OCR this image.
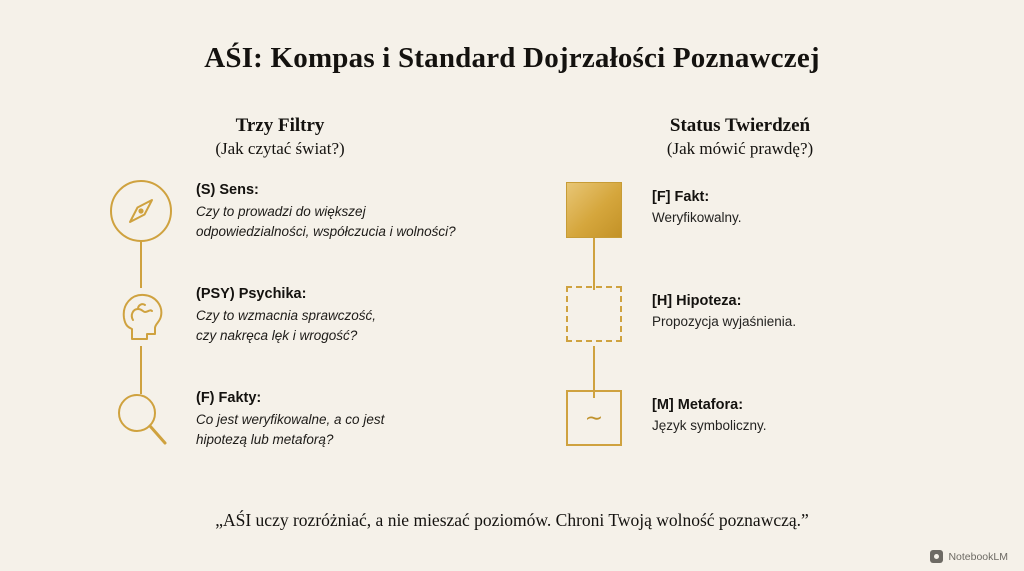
AŚI: Kompas i Standard Dojrzałości Poznawczej
Trzy Filtry
(Jak czytać świat?)
Status Twierdzeń
(Jak mówić prawdę?)
(S) Sens:
Czy to prowadzi do większej
odpowiedzialności, współczucia i wolności?
(PSY) Psychika:
Czy to wzmacnia sprawczość,
czy nakręca lęk i wrogość?
(F) Fakty:
Co jest weryfikowalne, a co jest
hipotezą lub metaforą?
[F] Fakt:
Weryfikowalny.
[H] Hipoteza:
Propozycja wyjaśnienia.
∼	[M] Metafora:
Język symboliczny.
„AŚI uczy rozróżniać, a nie mieszać poziomów. Chroni Twoją wolność poznawczą.”
NotebookLM
